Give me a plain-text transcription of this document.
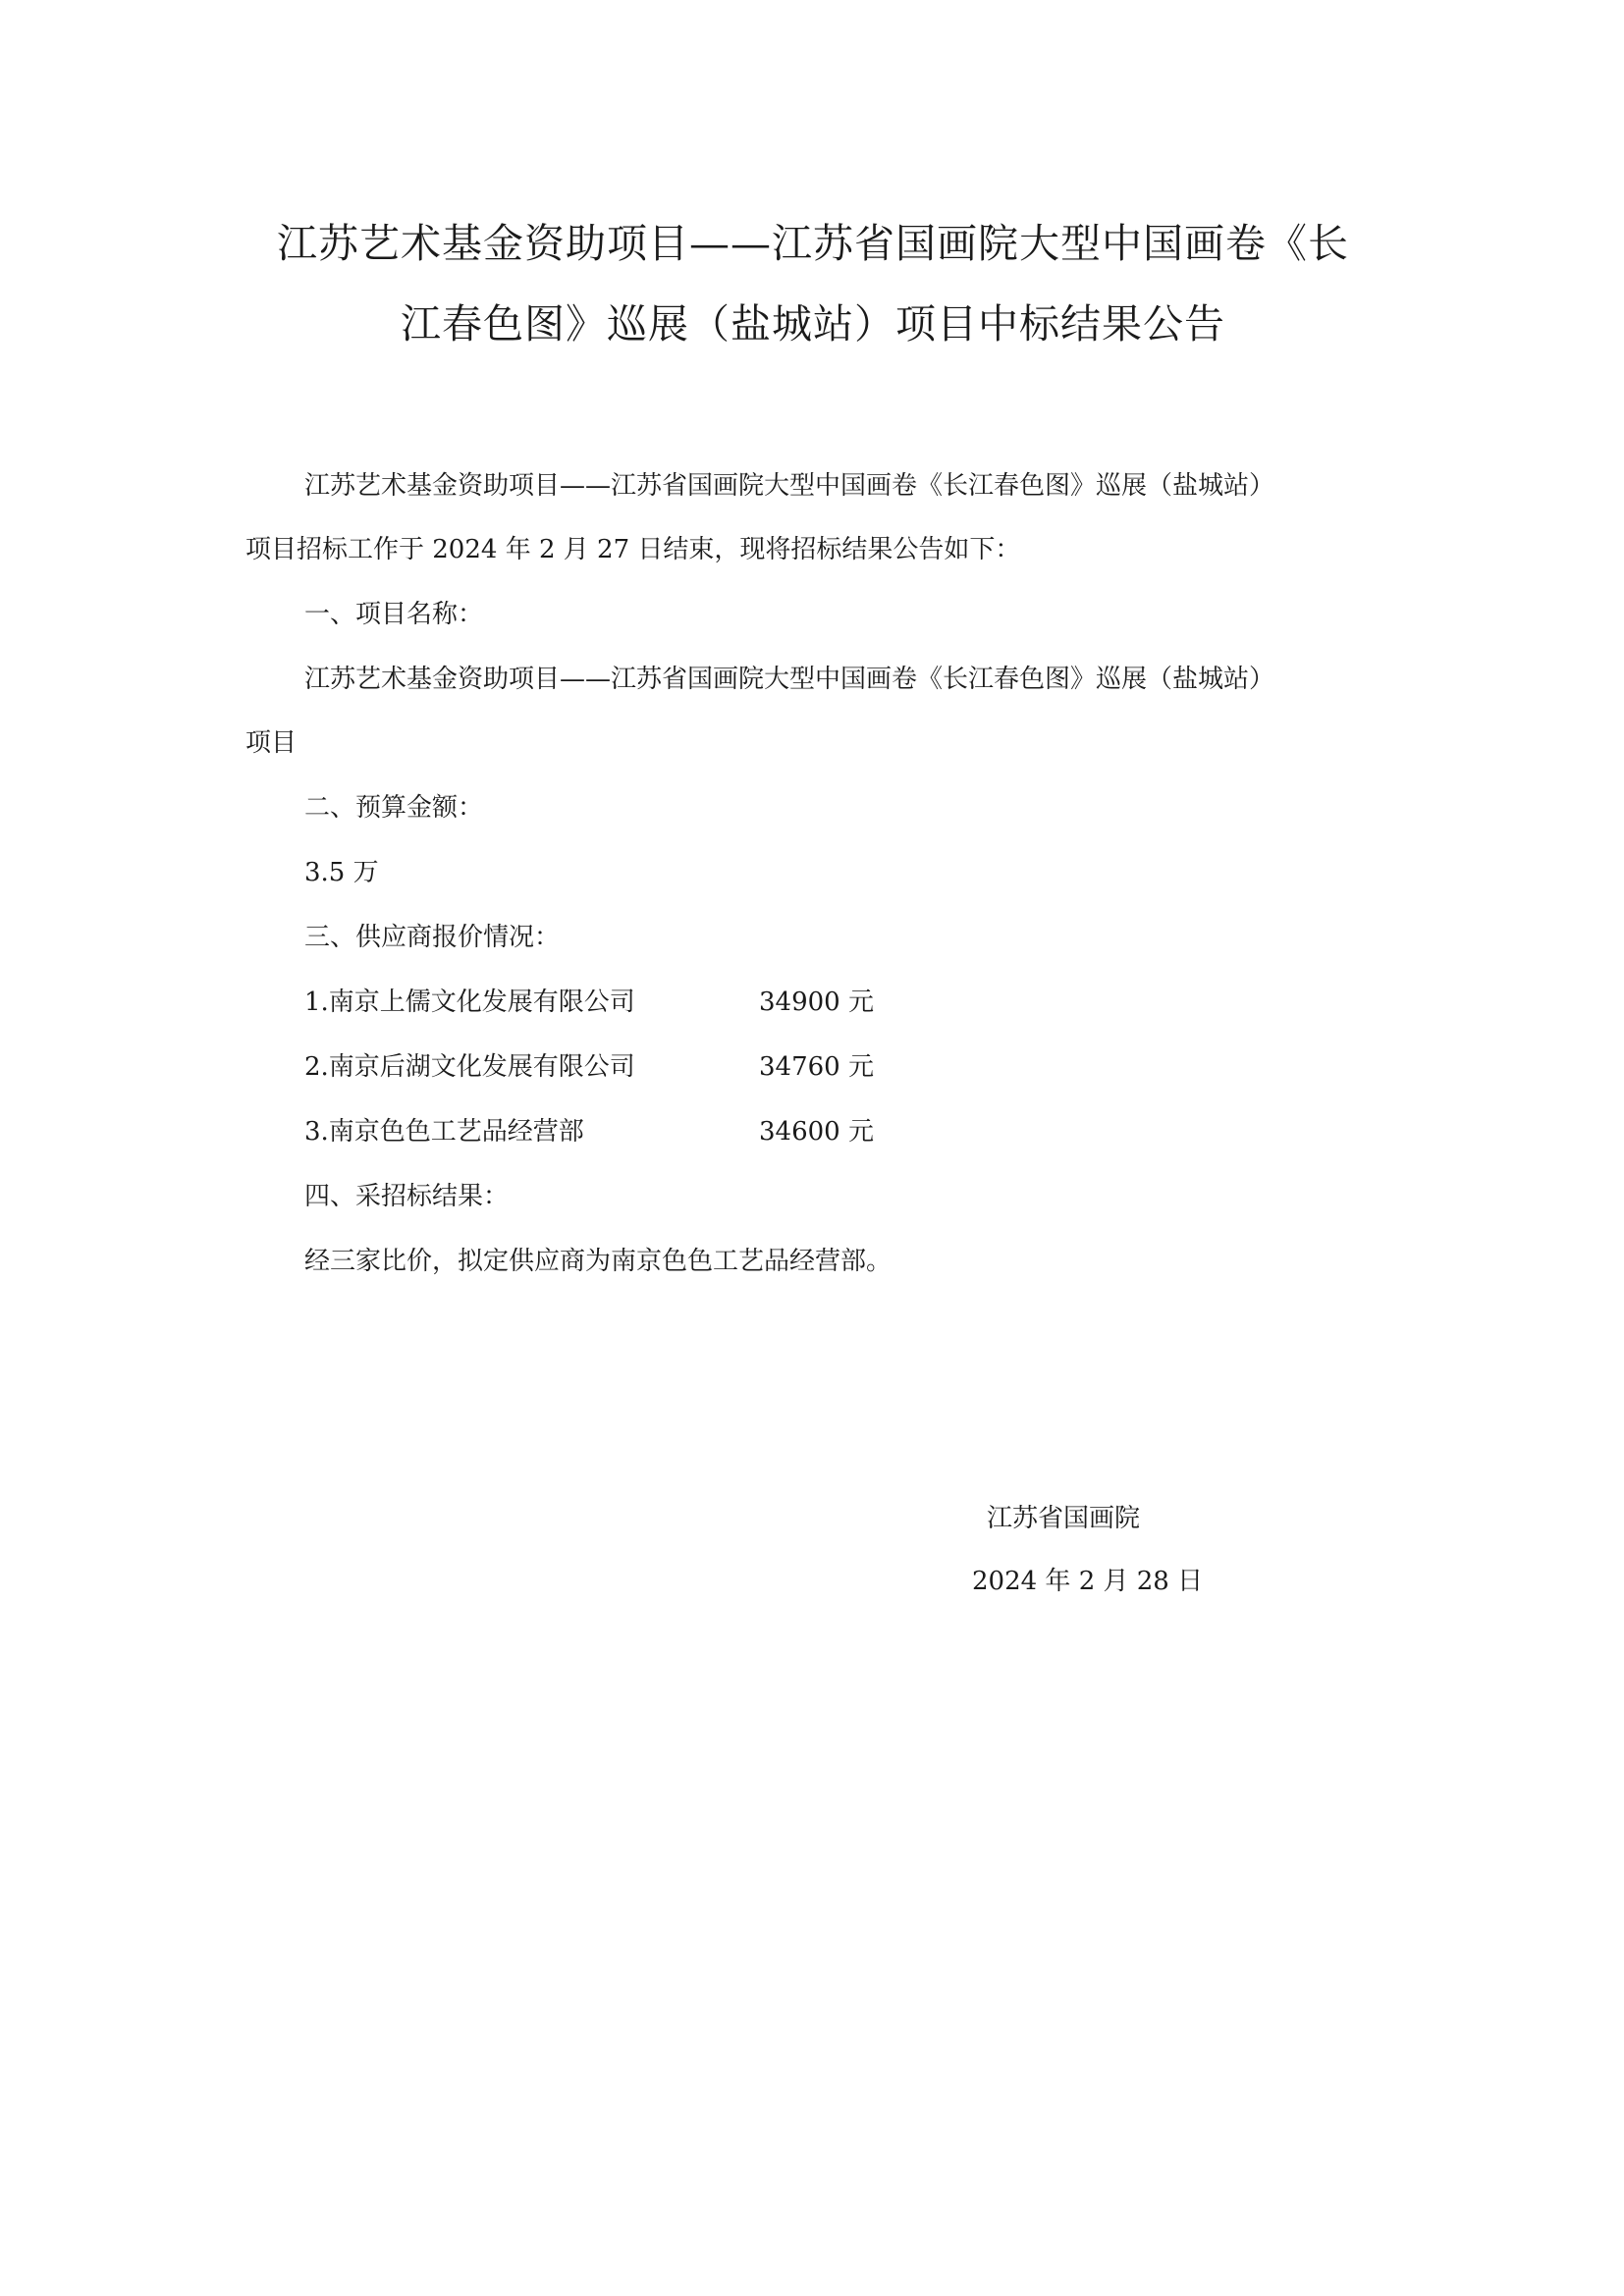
江苏艺术基金资助项目——江苏省国画院大型中国画卷《长
江春色图》巡展（盐城站）项目中标结果公告
江苏艺术基金资助项目——江苏省国画院大型中国画卷《长江春色图》巡展（盐城站）
项目招标工作于 2024 年 2 月 27 日结束，现将招标结果公告如下：
一、项目名称：
江苏艺术基金资助项目——江苏省国画院大型中国画卷《长江春色图》巡展（盐城站）
项目
二、预算金额：
3.5 万
三、供应商报价情况：
1.南京上儒文化发展有限公司	34900 元
2.南京后湖文化发展有限公司	34760 元
3.南京色色工艺品经营部	34600 元
四、采招标结果：
经三家比价，拟定供应商为南京色色工艺品经营部。
江苏省国画院
2024 年 2 月 28 日
